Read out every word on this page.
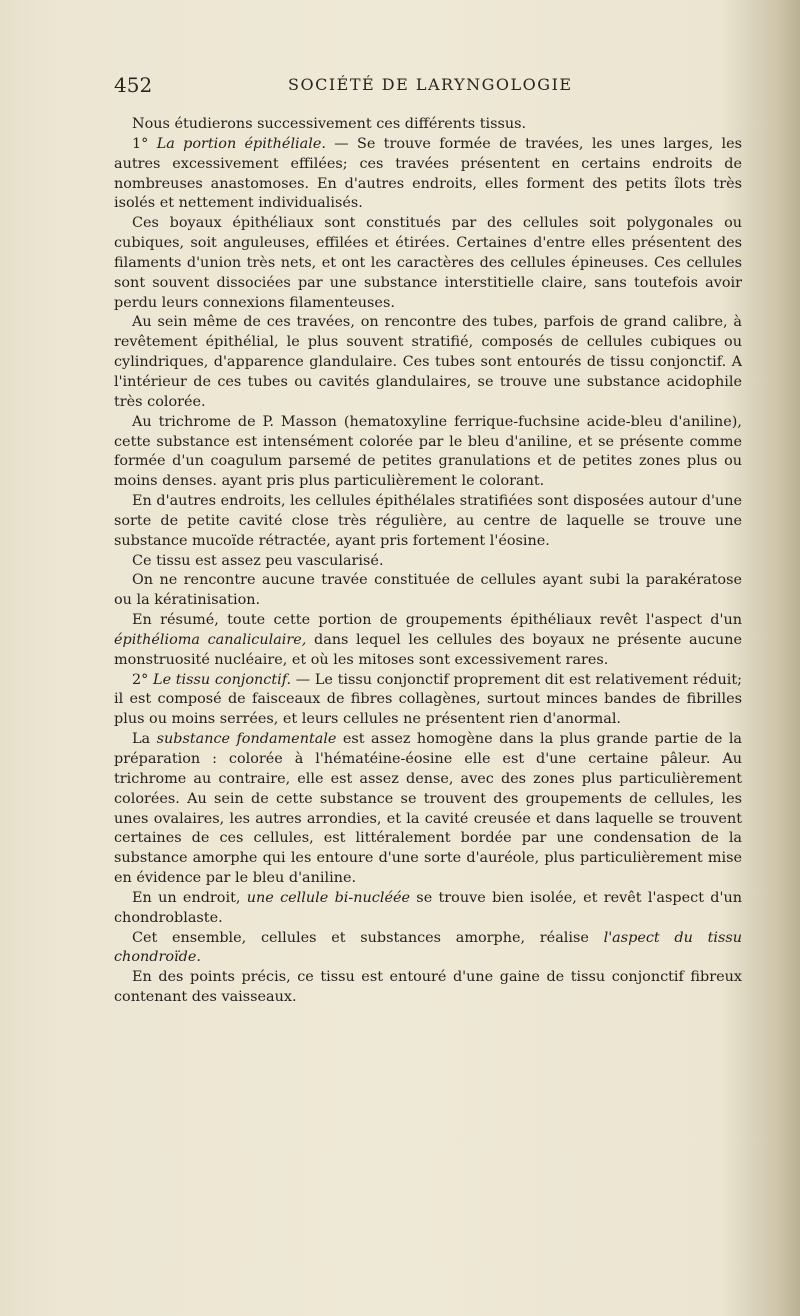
452	SOCIÉTÉ DE LARYNGOLOGIE

Nous étudierons successivement ces différents tissus.

1° La portion épithéliale. — Se trouve formée de travées, les unes larges, les autres excessivement effilées; ces travées présentent en certains endroits de nombreuses anastomoses. En d'autres endroits, elles forment des petits îlots très isolés et nettement individualisés.

Ces boyaux épithéliaux sont constitués par des cellules soit polygonales ou cubiques, soit anguleuses, effilées et étirées. Certaines d'entre elles présentent des filaments d'union très nets, et ont les caractères des cellules épineuses. Ces cellules sont souvent dissociées par une substance interstitielle claire, sans toutefois avoir perdu leurs connexions filamenteuses.

Au sein même de ces travées, on rencontre des tubes, parfois de grand calibre, à revêtement épithélial, le plus souvent stratifié, composés de cellules cubiques ou cylindriques, d'apparence glandulaire. Ces tubes sont entourés de tissu conjonctif. A l'intérieur de ces tubes ou cavités glandulaires, se trouve une substance acidophile très colorée.

Au trichrome de P. Masson (hematoxyline ferrique-fuchsine acide-bleu d'aniline), cette substance est intensément colorée par le bleu d'aniline, et se présente comme formée d'un coagulum parsemé de petites granulations et de petites zones plus ou moins denses. ayant pris plus particulièrement le colorant.

En d'autres endroits, les cellules épithélales stratifiées sont disposées autour d'une sorte de petite cavité close très régulière, au centre de laquelle se trouve une substance mucoïde rétractée, ayant pris fortement l'éosine.

Ce tissu est assez peu vascularisé.

On ne rencontre aucune travée constituée de cellules ayant subi la parakératose ou la kératinisation.

En résumé, toute cette portion de groupements épithéliaux revêt l'aspect d'un épithélioma canaliculaire, dans lequel les cellules des boyaux ne présente aucune monstruosité nucléaire, et où les mitoses sont excessivement rares.

2° Le tissu conjonctif. — Le tissu conjonctif proprement dit est relativement réduit; il est composé de faisceaux de fibres collagènes, surtout minces bandes de fibrilles plus ou moins serrées, et leurs cellules ne présentent rien d'anormal.

La substance fondamentale est assez homogène dans la plus grande partie de la préparation : colorée à l'hématéine-éosine elle est d'une certaine pâleur. Au trichrome au contraire, elle est assez dense, avec des zones plus particulièrement colorées. Au sein de cette substance se trouvent des groupements de cellules, les unes ovalaires, les autres arrondies, et la cavité creusée et dans laquelle se trouvent certaines de ces cellules, est littéralement bordée par une condensation de la substance amorphe qui les entoure d'une sorte d'auréole, plus particulièrement mise en évidence par le bleu d'aniline.

En un endroit, une cellule bi-nucléée se trouve bien isolée, et revêt l'aspect d'un chondroblaste.

Cet ensemble, cellules et substances amorphe, réalise l'aspect du tissu chondroïde.

En des points précis, ce tissu est entouré d'une gaine de tissu conjonctif fibreux contenant des vaisseaux.
